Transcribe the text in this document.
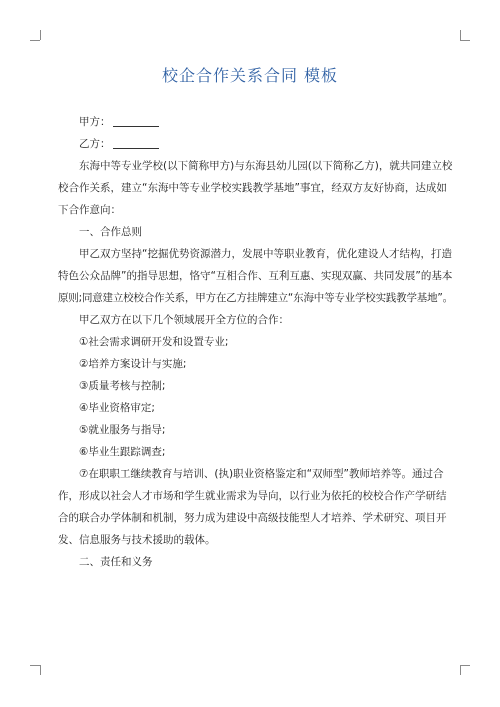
校企合作关系合同 模板
甲方：
乙方：
东海中等专业学校(以下简称甲方)与东海县幼儿园(以下简称乙方)，就共同建立校
校合作关系，建立“东海中等专业学校实践教学基地”事宜，经双方友好协商，达成如
下合作意向：
一、合作总则
甲乙双方坚持“挖掘优势资源潜力，发展中等职业教育，优化建设人才结构，打造
特色公众品牌”的指导思想，恪守“互相合作、互利互惠、实现双赢、共同发展”的基本
原则;同意建立校校合作关系，甲方在乙方挂牌建立“东海中等专业学校实践教学基地”。
甲乙双方在以下几个领域展开全方位的合作：
①社会需求调研开发和设置专业;
②培养方案设计与实施;
③质量考核与控制;
④毕业资格审定;
⑤就业服务与指导;
⑥毕业生跟踪调查;
⑦在职职工继续教育与培训、(执)职业资格鉴定和“双师型”教师培养等。通过合
作，形成以社会人才市场和学生就业需求为导向，以行业为依托的校校合作产学研结
合的联合办学体制和机制，努力成为建设中高级技能型人才培养、学术研究、项目开
发、信息服务与技术援助的载体。
二、责任和义务
